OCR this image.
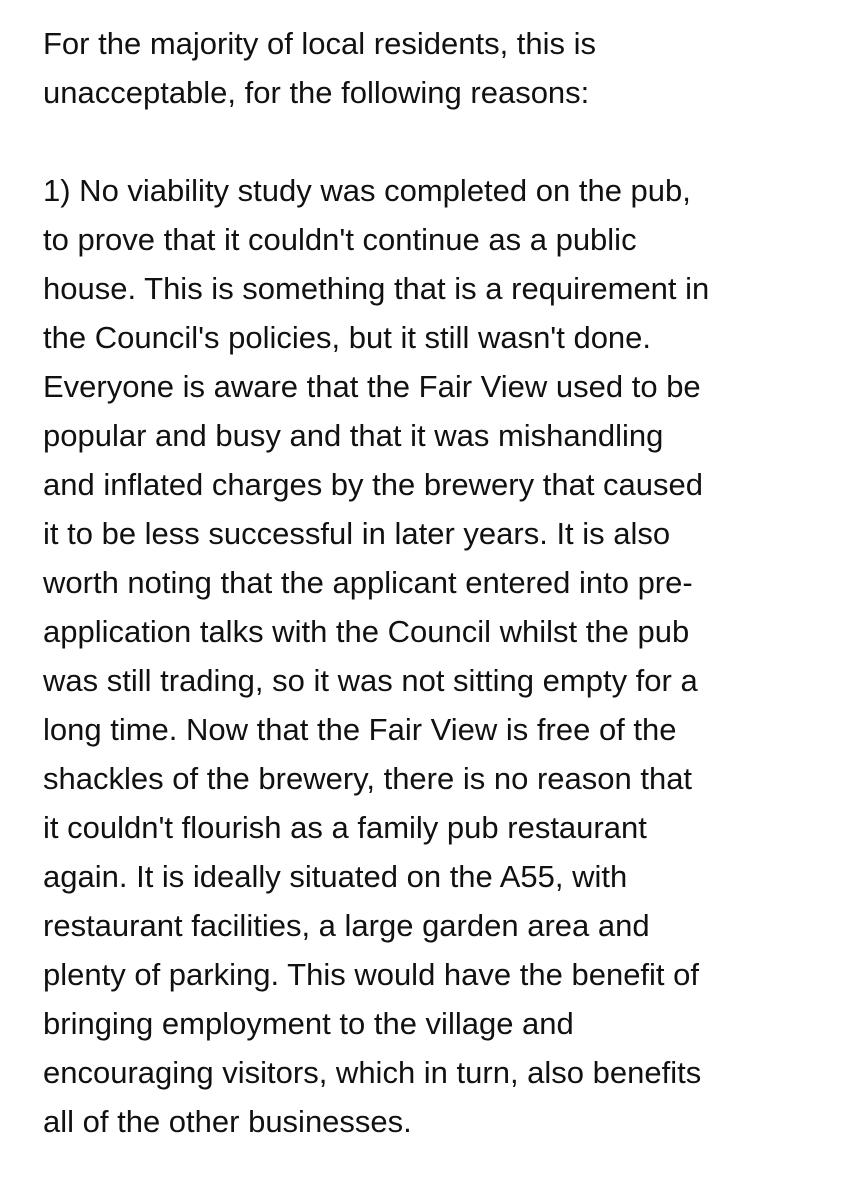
For the majority of local residents, this is
unacceptable, for the following reasons:
1) No viability study was completed on the pub,
to prove that it couldn't continue as a public
house. This is something that is a requirement in
the Council's policies, but it still wasn't done.
Everyone is aware that the Fair View used to be
popular and busy and that it was mishandling
and inflated charges by the brewery that caused
it to be less successful in later years. It is also
worth noting that the applicant entered into pre-
application talks with the Council whilst the pub
was still trading, so it was not sitting empty for a
long time. Now that the Fair View is free of the
shackles of the brewery, there is no reason that
it couldn't flourish as a family pub restaurant
again. It is ideally situated on the A55, with
restaurant facilities, a large garden area and
plenty of parking. This would have the benefit of
bringing employment to the village and
encouraging visitors, which in turn, also benefits
all of the other businesses.
